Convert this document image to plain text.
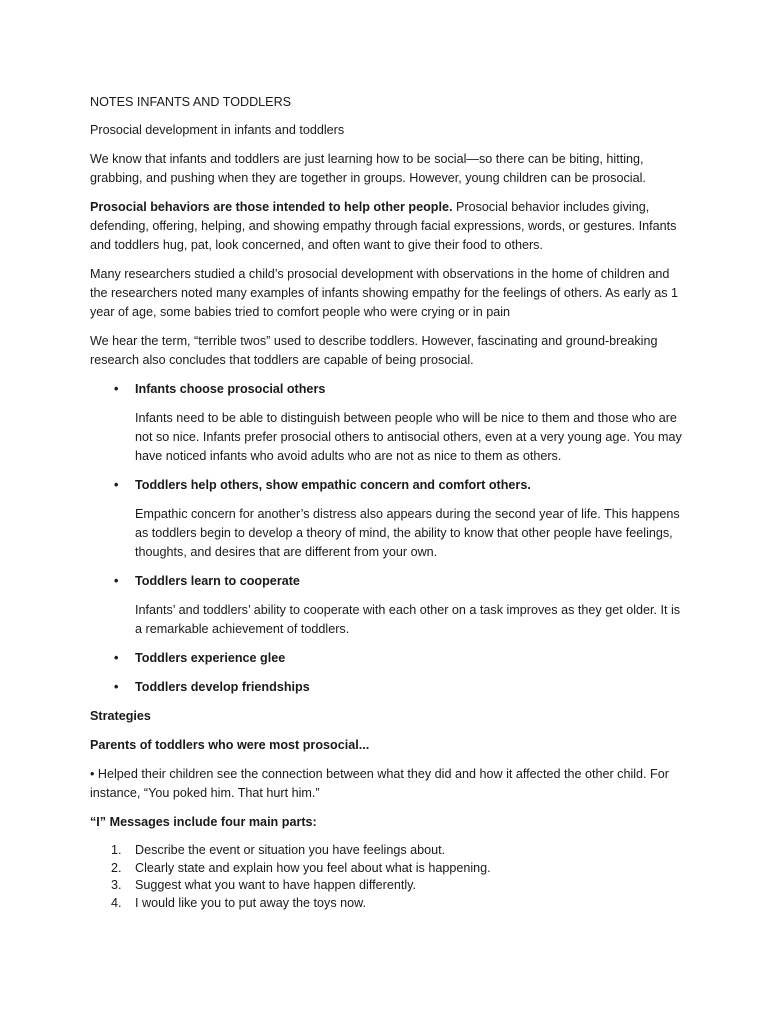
NOTES INFANTS AND TODDLERS

Prosocial development in infants and toddlers

We know that infants and toddlers are just learning how to be social—so there can be biting, hitting, grabbing, and pushing when they are together in groups. However, young children can be prosocial.

Prosocial behaviors are those intended to help other people. Prosocial behavior includes giving, defending, offering, helping, and showing empathy through facial expressions, words, or gestures. Infants and toddlers hug, pat, look concerned, and often want to give their food to others.

Many researchers studied a child’s prosocial development with observations in the home of children and the researchers noted many examples of infants showing empathy for the feelings of others. As early as 1 year of age, some babies tried to comfort people who were crying or in pain

We hear the term, “terrible twos” used to describe toddlers. However, fascinating and ground-breaking research also concludes that toddlers are capable of being prosocial.

• Infants choose prosocial others

Infants need to be able to distinguish between people who will be nice to them and those who are not so nice. Infants prefer prosocial others to antisocial others, even at a very young age. You may have noticed infants who avoid adults who are not as nice to them as others.

• Toddlers help others, show empathic concern and comfort others.

Empathic concern for another’s distress also appears during the second year of life. This happens as toddlers begin to develop a theory of mind, the ability to know that other people have feelings, thoughts, and desires that are different from your own.

• Toddlers learn to cooperate

Infants’ and toddlers’ ability to cooperate with each other on a task improves as they get older. It is a remarkable achievement of toddlers.

• Toddlers experience glee

• Toddlers develop friendships

Strategies

Parents of toddlers who were most prosocial...

• Helped their children see the connection between what they did and how it affected the other child. For instance, “You poked him. That hurt him.”

“I” Messages include four main parts:

1. Describe the event or situation you have feelings about.
2. Clearly state and explain how you feel about what is happening.
3. Suggest what you want to have happen differently.
4. I would like you to put away the toys now.
